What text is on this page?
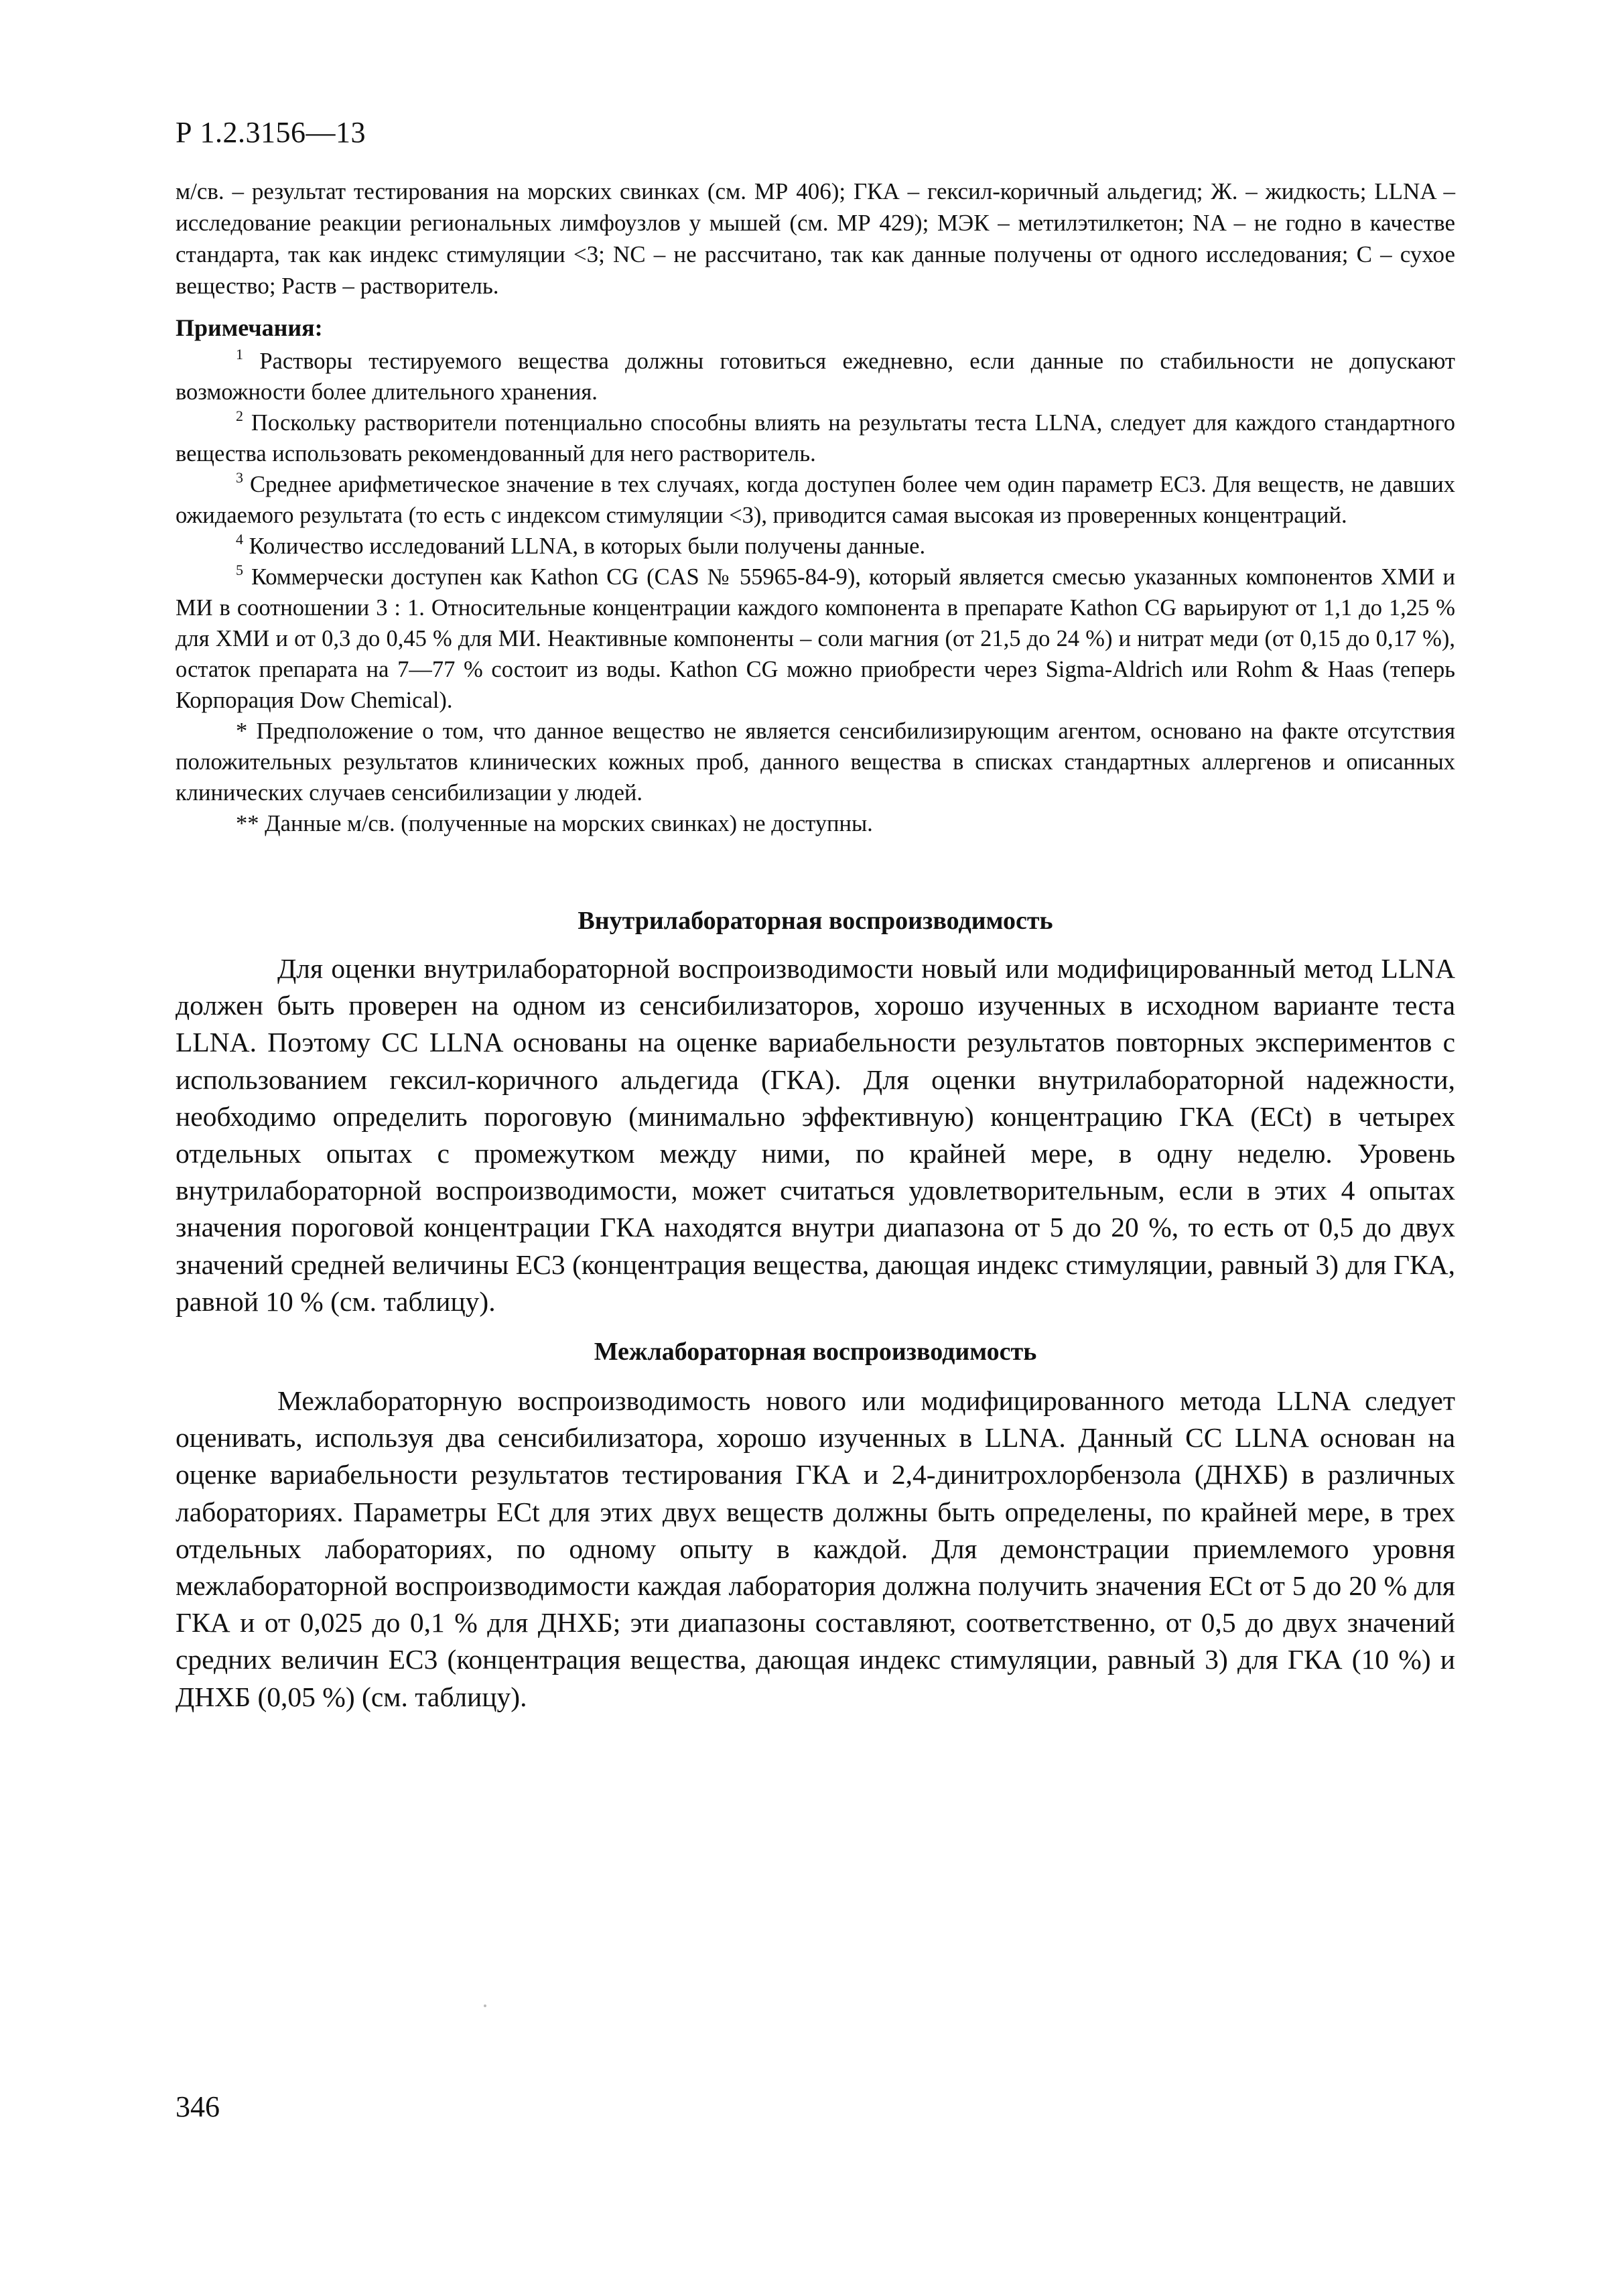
Р 1.2.3156—13
м/св. – результат тестирования на морских свинках (см. МР 406); ГКА – гексил-коричный альдегид; Ж. – жидкость; LLNA – исследование реакции региональных лимфоузлов у мышей (см. МР 429); МЭК – метилэтилкетон; NA – не годно в качестве стандарта, так как индекс стимуляции <3; NC – не рассчитано, так как данные получены от одного исследования; С – сухое вещество; Раств – растворитель.
Примечания:

$^1$ Растворы тестируемого вещества должны готовиться ежедневно, если данные по стабильности не допускают возможности более длительного хранения.

$^2$ Поскольку растворители потенциально способны влиять на результаты теста LLNA, следует для каждого стандартного вещества использовать рекомендованный для него растворитель.

$^3$ Среднее арифметическое значение в тех случаях, когда доступен более чем один параметр ЕС3. Для веществ, не давших ожидаемого результата (то есть с индексом стимуляции <3), приводится самая высокая из проверенных концентраций.

$^4$ Количество исследований LLNA, в которых были получены данные.

$^5$ Коммерчески доступен как Kathon CG (CAS № 55965-84-9), который является смесью указанных компонентов ХМИ и МИ в соотношении 3 : 1. Относительные концентрации каждого компонента в препарате Kathon CG варьируют от 1,1 до 1,25 % для ХМИ и от 0,3 до 0,45 % для МИ. Неактивные компоненты – соли магния (от 21,5 до 24 %) и нитрат меди (от 0,15 до 0,17 %), остаток препарата на 7—77 % состоит из воды. Kathon CG можно приобрести через Sigma-Aldrich или Rohm & Haas (теперь Корпорация Dow Chemical).

* Предположение о том, что данное вещество не является сенсибилизирующим агентом, основано на факте отсутствия положительных результатов клинических кожных проб, данного вещества в списках стандартных аллергенов и описанных клинических случаев сенсибилизации у людей.

** Данные м/св. (полученные на морских свинках) не доступны.

Внутрилабораторная воспроизводимость

Для оценки внутрилабораторной воспроизводимости новый или модифицированный метод LLNA должен быть проверен на одном из сенсибилизаторов, хорошо изученных в исходном варианте теста LLNA. Поэтому СС LLNA основаны на оценке вариабельности результатов повторных экспериментов с использованием гексил-коричного альдегида (ГКА). Для оценки внутрилабораторной надежности, необходимо определить пороговую (минимально эффективную) концентрацию ГКА (ЕСt) в четырех отдельных опытах с промежутком между ними, по крайней мере, в одну неделю. Уровень внутрилабораторной воспроизводимости, может считаться удовлетворительным, если в этих 4 опытах значения пороговой концентрации ГКА находятся внутри диапазона от 5 до 20 %, то есть от 0,5 до двух значений средней величины ЕС3 (концентрация вещества, дающая индекс стимуляции, равный 3) для ГКА, равной 10 % (см. таблицу).

Межлабораторная воспроизводимость

Межлабораторную воспроизводимость нового или модифицированного метода LLNA следует оценивать, используя два сенсибилизатора, хорошо изученных в LLNA. Данный СС LLNA основан на оценке вариабельности результатов тестирования ГКА и 2,4-динитрохлорбензола (ДНХБ) в различных лабораториях. Параметры ЕСt для этих двух веществ должны быть определены, по крайней мере, в трех отдельных лабораториях, по одному опыту в каждой. Для демонстрации приемлемого уровня межлабораторной воспроизводимости каждая лаборатория должна получить значения ЕСt от 5 до 20 % для ГКА и от 0,025 до 0,1 % для ДНХБ; эти диапазоны составляют, соответственно, от 0,5 до двух значений средних величин ЕС3 (концентрация вещества, дающая индекс стимуляции, равный 3) для ГКА (10 %) и ДНХБ (0,05 %) (см. таблицу).

346
